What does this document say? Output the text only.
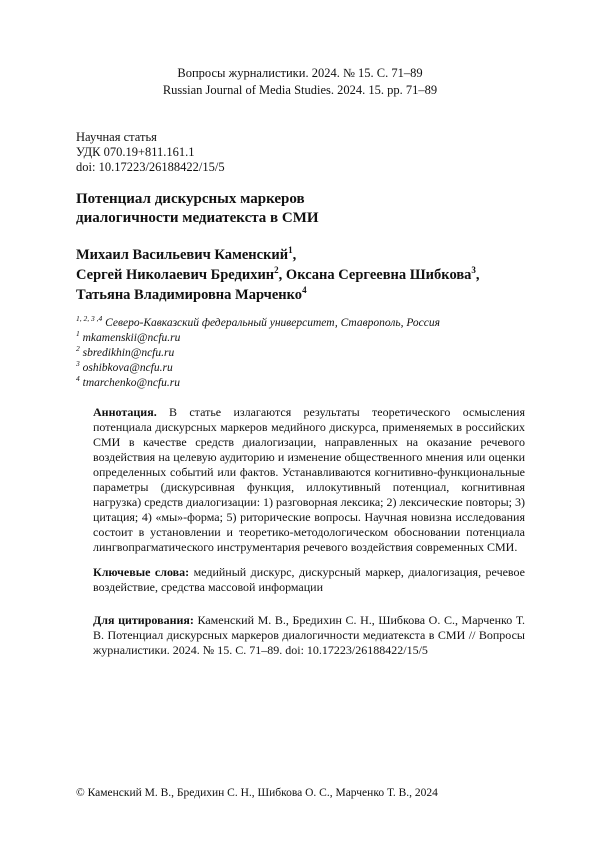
Вопросы журналистики. 2024. № 15. С. 71–89
Russian Journal of Media Studies. 2024. 15. pp. 71–89
Научная статья
УДК 070.19+811.161.1
doi: 10.17223/26188422/15/5
Потенциал дискурсных маркеров
диалогичности медиатекста в СМИ
Михаил Васильевич Каменский$^1$,
Сергей Николаевич Бредихин$^2$, Оксана Сергеевна Шибкова$^3$,
Татьяна Владимировна Марченко$^4$
$^{1, 2, 3 ,4}$ Северо-Кавказский федеральный университет, Ставрополь, Россия
$^1$ mkamenskii@ncfu.ru
$^2$ sbredikhin@ncfu.ru
$^3$ oshibkova@ncfu.ru
$^4$ tmarchenko@ncfu.ru
Аннотация. В статье излагаются результаты теоретического осмысления потенциала дискурсных маркеров медийного дискурса, применяемых в российских СМИ в качестве средств диалогизации, направленных на оказание речевого воздействия на целевую аудиторию и изменение общественного мнения или оценки определенных событий или фактов. Устанавливаются когнитивно-функциональные параметры (дискурсивная функция, иллокутивный потенциал, когнитивная нагрузка) средств диалогизации: 1) разговорная лексика; 2) лексические повторы; 3) цитация; 4) «мы»-форма; 5) риторические вопросы. Научная новизна исследования состоит в установлении и теоретико-методологическом обосновании потенциала лингвопрагматического инструментария речевого воздействия современных СМИ.
Ключевые слова: медийный дискурс, дискурсный маркер, диалогизация, речевое воздействие, средства массовой информации
Для цитирования: Каменский М. В., Бредихин С. Н., Шибкова О. С., Марченко Т. В. Потенциал дискурсных маркеров диалогичности медиатекста в СМИ // Вопросы журналистики. 2024. № 15. С. 71–89. doi: 10.17223/26188422/15/5
© Каменский М. В., Бредихин С. Н., Шибкова О. С., Марченко Т. В., 2024
